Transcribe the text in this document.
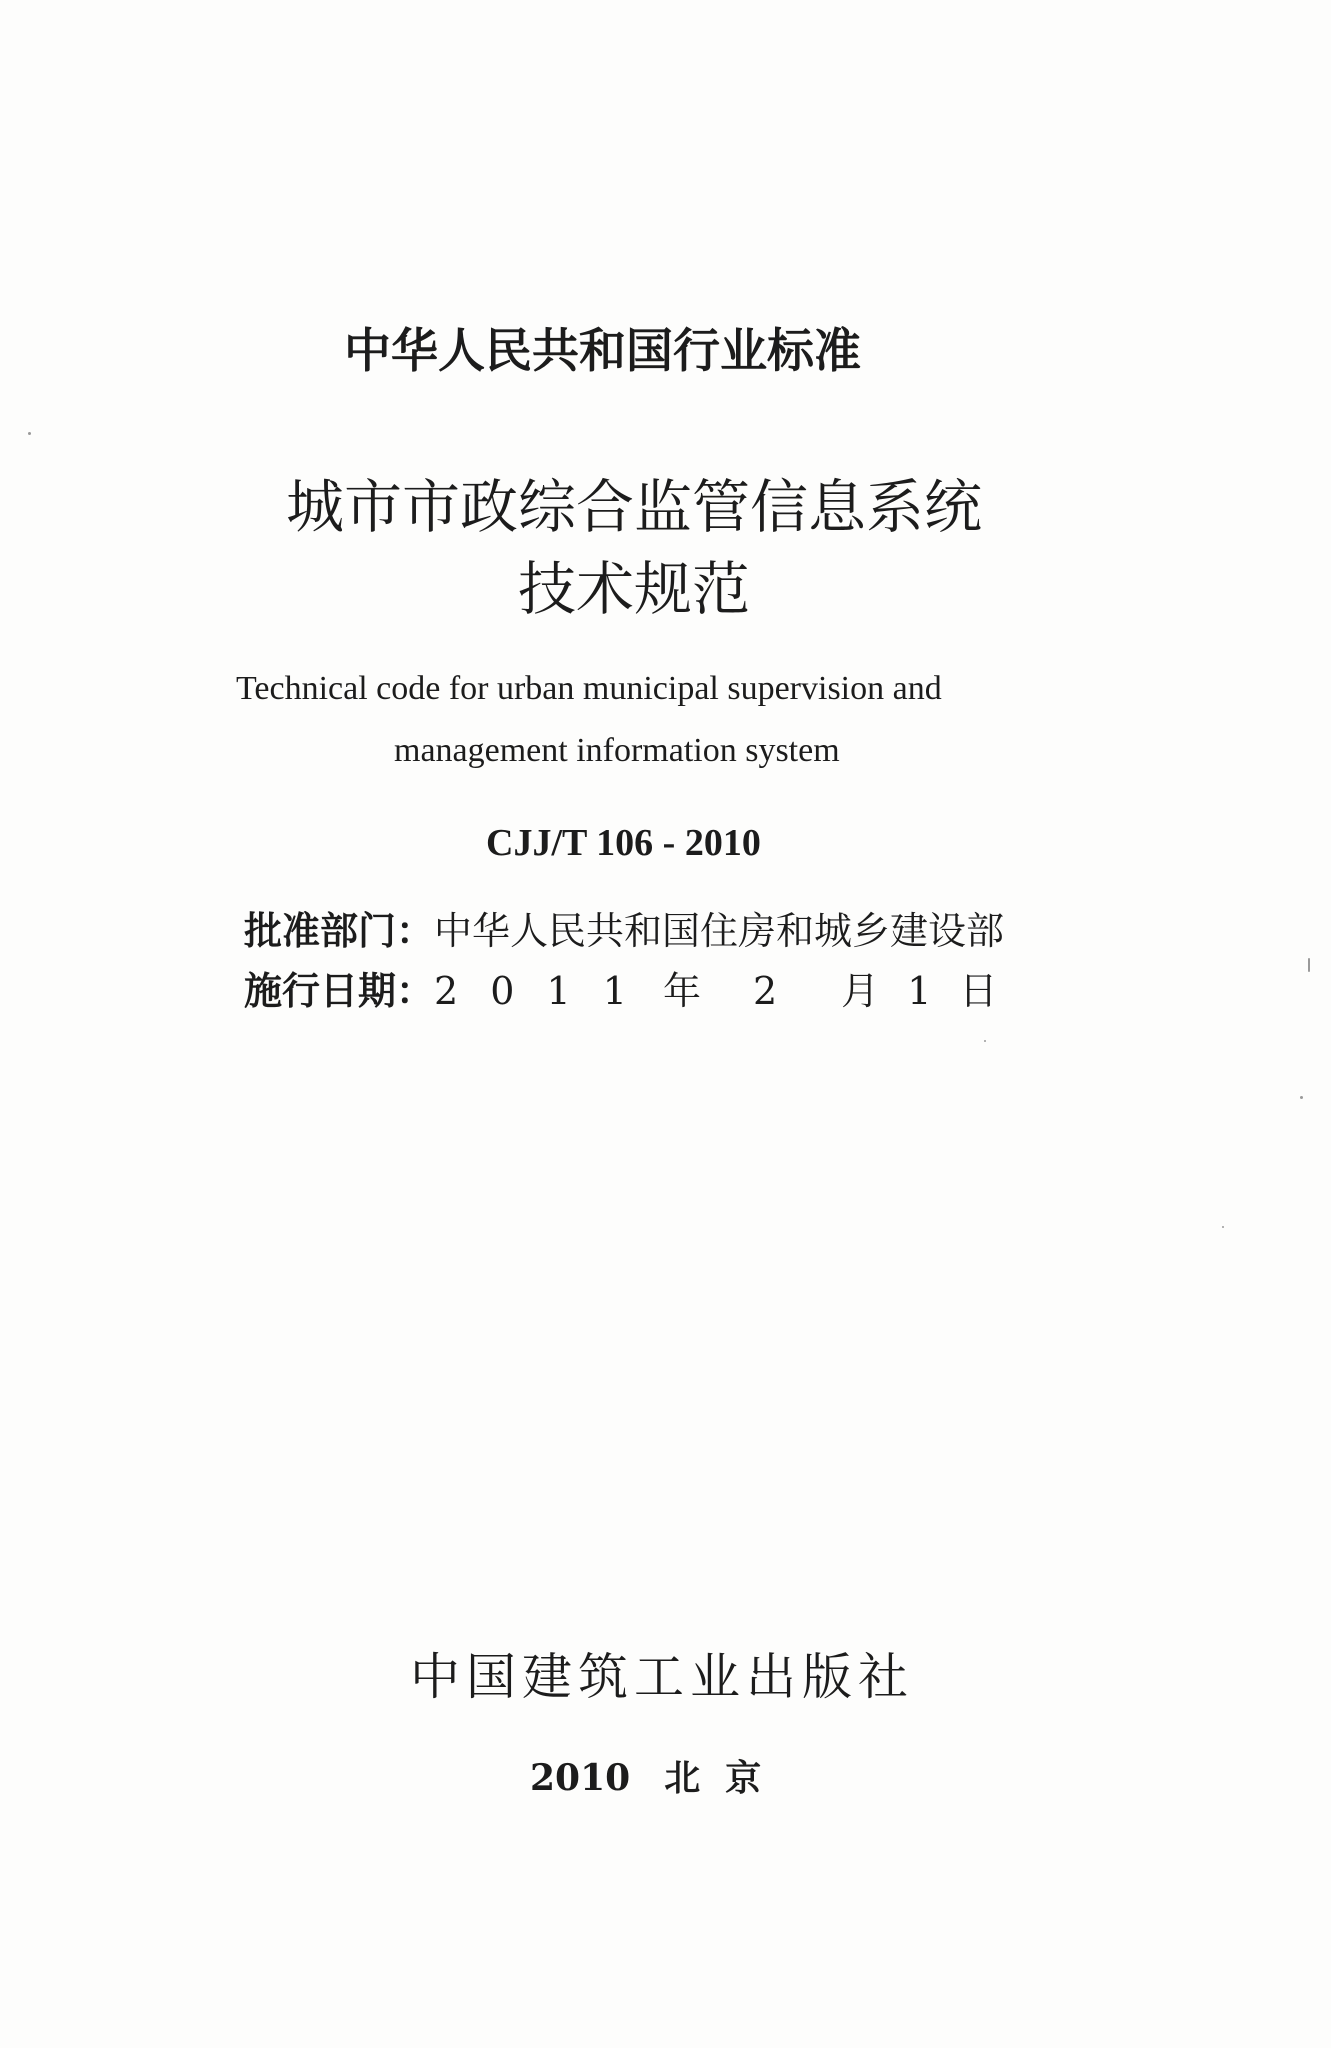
中华人民共和国行业标准
城市市政综合监管信息系统
技术规范
Technical code for urban municipal supervision and
management information system
CJJ/T 106 - 2010
批准部门：中华人民共和国住房和城乡建设部
施行日期：2 0 1 1 年 2 月 1 日
中国建筑工业出版社
2010 北  京
